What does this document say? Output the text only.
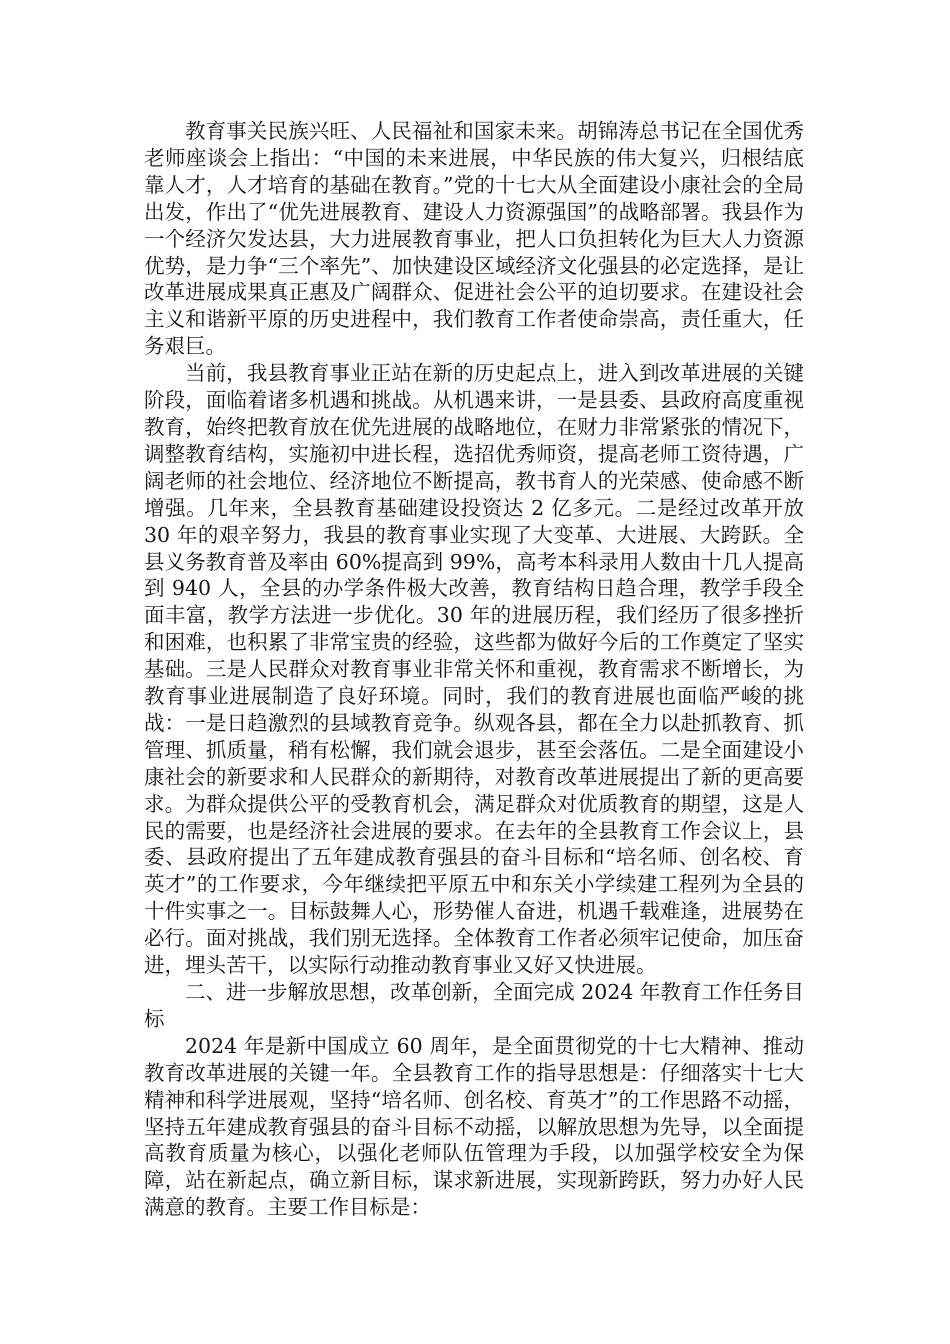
教育事关民族兴旺、人民福祉和国家未来。胡锦涛总书记在全国优秀老师座谈会上指出：“中国的未来进展，中华民族的伟大复兴，归根结底靠人才，人才培育的基础在教育。”党的十七大从全面建设小康社会的全局出发，作出了“优先进展教育、建设人力资源强国”的战略部署。我县作为一个经济欠发达县，大力进展教育事业，把人口负担转化为巨大人力资源优势，是力争“三个率先”、加快建设区域经济文化强县的必定选择，是让改革进展成果真正惠及广阔群众、促进社会公平的迫切要求。在建设社会主义和谐新平原的历史进程中，我们教育工作者使命崇高，责任重大，任务艰巨。

当前，我县教育事业正站在新的历史起点上，进入到改革进展的关键阶段，面临着诸多机遇和挑战。从机遇来讲，一是县委、县政府高度重视教育，始终把教育放在优先进展的战略地位，在财力非常紧张的情况下，调整教育结构，实施初中进长程，选招优秀师资，提高老师工资待遇，广阔老师的社会地位、经济地位不断提高，教书育人的光荣感、使命感不断增强。几年来，全县教育基础建设投资达 2 亿多元。二是经过改革开放 30 年的艰辛努力，我县的教育事业实现了大变革、大进展、大跨跃。全县义务教育普及率由 60%提高到 99%，高考本科录用人数由十几人提高到 940 人，全县的办学条件极大改善，教育结构日趋合理，教学手段全面丰富，教学方法进一步优化。30 年的进展历程，我们经历了很多挫折和困难，也积累了非常宝贵的经验，这些都为做好今后的工作奠定了坚实基础。三是人民群众对教育事业非常关怀和重视，教育需求不断增长，为教育事业进展制造了良好环境。同时，我们的教育进展也面临严峻的挑战：一是日趋激烈的县域教育竞争。纵观各县，都在全力以赴抓教育、抓管理、抓质量，稍有松懈，我们就会退步，甚至会落伍。二是全面建设小康社会的新要求和人民群众的新期待，对教育改革进展提出了新的更高要求。为群众提供公平的受教育机会，满足群众对优质教育的期望，这是人民的需要，也是经济社会进展的要求。在去年的全县教育工作会议上，县委、县政府提出了五年建成教育强县的奋斗目标和“培名师、创名校、育英才”的工作要求，今年继续把平原五中和东关小学续建工程列为全县的十件实事之一。目标鼓舞人心，形势催人奋进，机遇千载难逢，进展势在必行。面对挑战，我们别无选择。全体教育工作者必须牢记使命，加压奋进，埋头苦干，以实际行动推动教育事业又好又快进展。

二、进一步解放思想，改革创新，全面完成 2024 年教育工作任务目标

2024 年是新中国成立 60 周年，是全面贯彻党的十七大精神、推动教育改革进展的关键一年。全县教育工作的指导思想是：仔细落实十七大精神和科学进展观，坚持“培名师、创名校、育英才”的工作思路不动摇，坚持五年建成教育强县的奋斗目标不动摇，以解放思想为先导，以全面提高教育质量为核心，以强化老师队伍管理为手段，以加强学校安全为保障，站在新起点，确立新目标，谋求新进展，实现新跨跃，努力办好人民满意的教育。主要工作目标是：
